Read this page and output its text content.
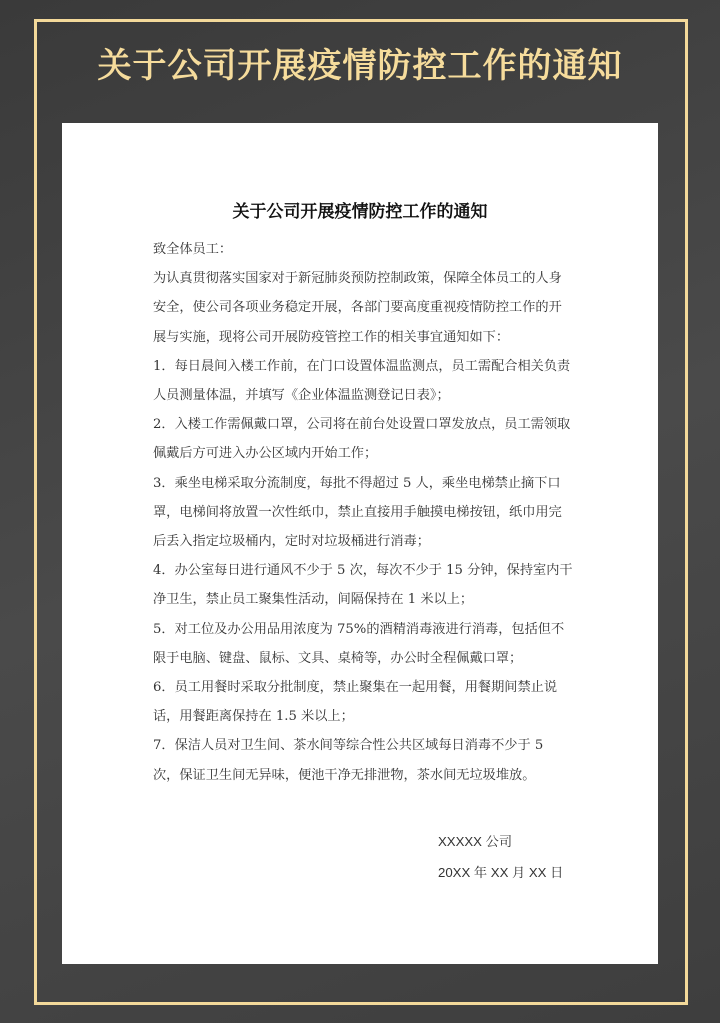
关于公司开展疫情防控工作的通知
关于公司开展疫情防控工作的通知

致全体员工：

为认真贯彻落实国家对于新冠肺炎预防控制政策，保障全体员工的人身安全，使公司各项业务稳定开展，各部门要高度重视疫情防控工作的开展与实施，现将公司开展防疫管控工作的相关事宜通知如下：

1．每日晨间入楼工作前，在门口设置体温监测点，员工需配合相关负责人员测量体温，并填写《企业体温监测登记日表》；

2．入楼工作需佩戴口罩，公司将在前台处设置口罩发放点，员工需领取佩戴后方可进入办公区域内开始工作；

3．乘坐电梯采取分流制度，每批不得超过 5 人，乘坐电梯禁止摘下口罩，电梯间将放置一次性纸巾，禁止直接用手触摸电梯按钮，纸巾用完后丢入指定垃圾桶内，定时对垃圾桶进行消毒；

4．办公室每日进行通风不少于 5 次，每次不少于 15 分钟，保持室内干净卫生，禁止员工聚集性活动，间隔保持在 1 米以上；

5．对工位及办公用品用浓度为 75%的酒精消毒液进行消毒，包括但不限于电脑、键盘、鼠标、文具、桌椅等，办公时全程佩戴口罩；

6．员工用餐时采取分批制度，禁止聚集在一起用餐，用餐期间禁止说话，用餐距离保持在 1.5 米以上；

7．保洁人员对卫生间、茶水间等综合性公共区域每日消毒不少于 5 次，保证卫生间无异味，便池干净无排泄物，茶水间无垃圾堆放。

XXXXX 公司
20XX 年 XX 月 XX 日
